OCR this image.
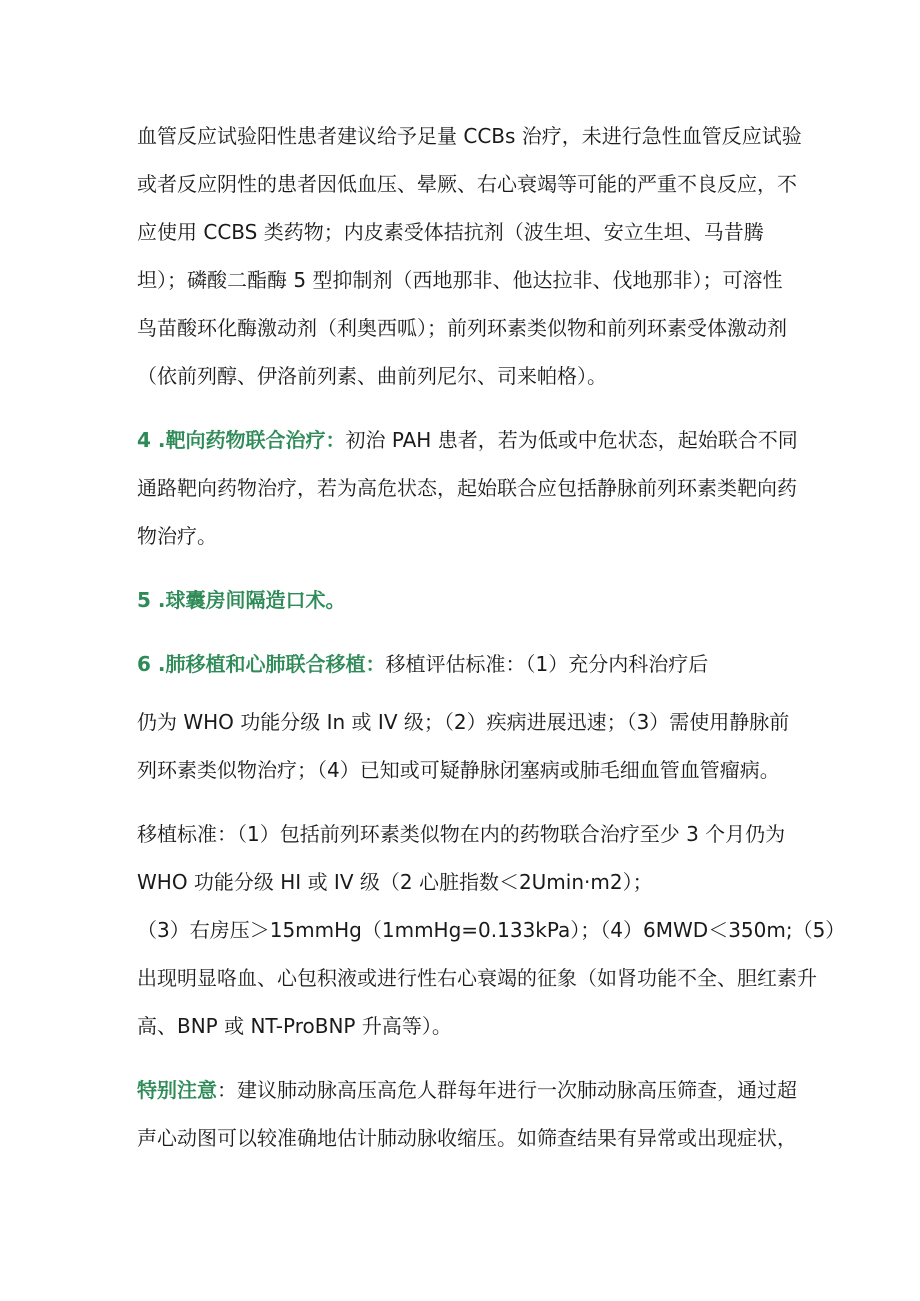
血管反应试验阳性患者建议给予足量 CCBs 治疗，未进行急性血管反应试验
或者反应阴性的患者因低血压、晕厥、右心衰竭等可能的严重不良反应，不
应使用 CCBS 类药物；内皮素受体拮抗剂（波生坦、安立生坦、马昔腾
坦）；磷酸二酯酶 5 型抑制剂（西地那非、他达拉非、伐地那非）；可溶性
鸟苗酸环化酶激动剂（利奥西呱）；前列环素类似物和前列环素受体激动剂
（依前列醇、伊洛前列素、曲前列尼尔、司来帕格）。

4 .靶向药物联合治疗：初治 PAH 患者，若为低或中危状态，起始联合不同
通路靶向药物治疗，若为高危状态，起始联合应包括静脉前列环素类靶向药
物治疗。

5 .球囊房间隔造口术。

6 .肺移植和心肺联合移植：移植评估标准：（1）充分内科治疗后

仍为 WHO 功能分级 In 或 IV 级；（2）疾病进展迅速；（3）需使用静脉前
列环素类似物治疗；（4）已知或可疑静脉闭塞病或肺毛细血管血管瘤病。

移植标准：（1）包括前列环素类似物在内的药物联合治疗至少 3 个月仍为
WHO 功能分级 HI 或 IV 级（2 心脏指数＜2Umin·m2）；
（3）右房压＞15mmHg（1mmHg=0.133kPa）；（4）6MWD＜350m;（5）
出现明显咯血、心包积液或进行性右心衰竭的征象（如肾功能不全、胆红素升
高、BNP 或 NT-ProBNP 升高等）。

特别注意：建议肺动脉高压高危人群每年进行一次肺动脉高压筛查，通过超
声心动图可以较准确地估计肺动脉收缩压。如筛查结果有异常或出现症状，
